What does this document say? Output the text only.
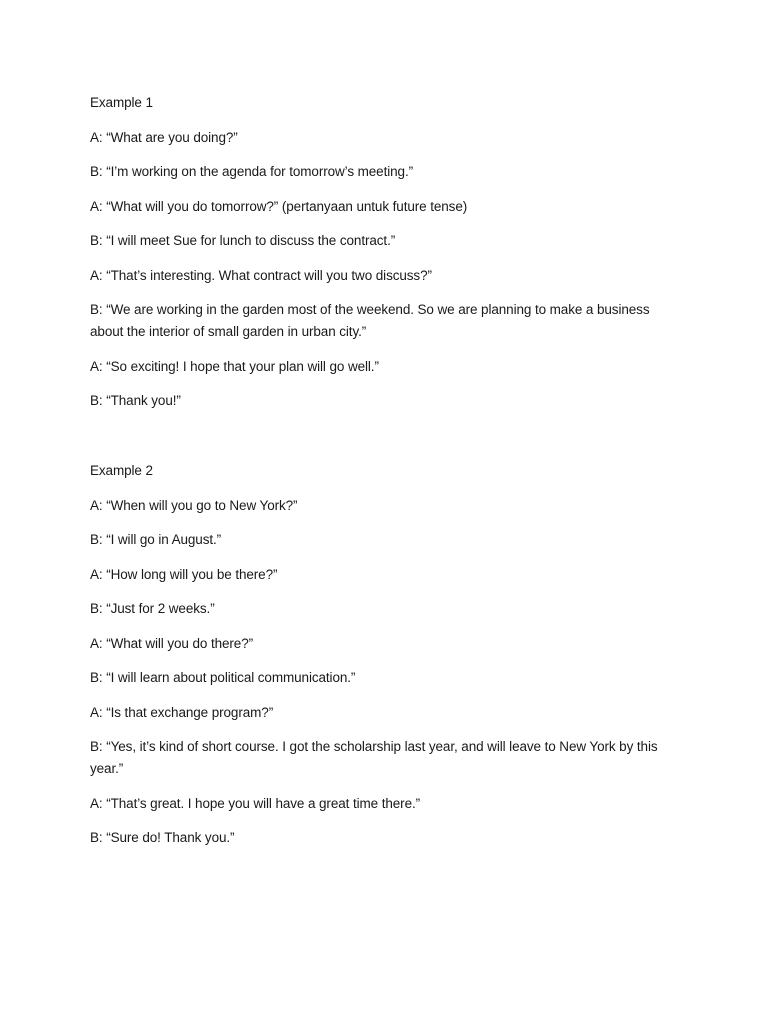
Example 1

A: “What are you doing?”

B: “I’m working on the agenda for tomorrow’s meeting.”

A: “What will you do tomorrow?” (pertanyaan untuk future tense)

B: “I will meet Sue for lunch to discuss the contract.”

A: “That’s interesting. What contract will you two discuss?”

B: “We are working in the garden most of the weekend. So we are planning to make a business about the interior of small garden in urban city.”

A: “So exciting! I hope that your plan will go well.”

B: “Thank you!”

Example 2

A: “When will you go to New York?”

B: “I will go in August.”

A: “How long will you be there?”

B: “Just for 2 weeks.”

A: “What will you do there?”

B: “I will learn about political communication.”

A: “Is that exchange program?”

B: “Yes, it’s kind of short course. I got the scholarship last year, and will leave to New York by this year.”

A: “That’s great. I hope you will have a great time there.”

B: “Sure do! Thank you.”
